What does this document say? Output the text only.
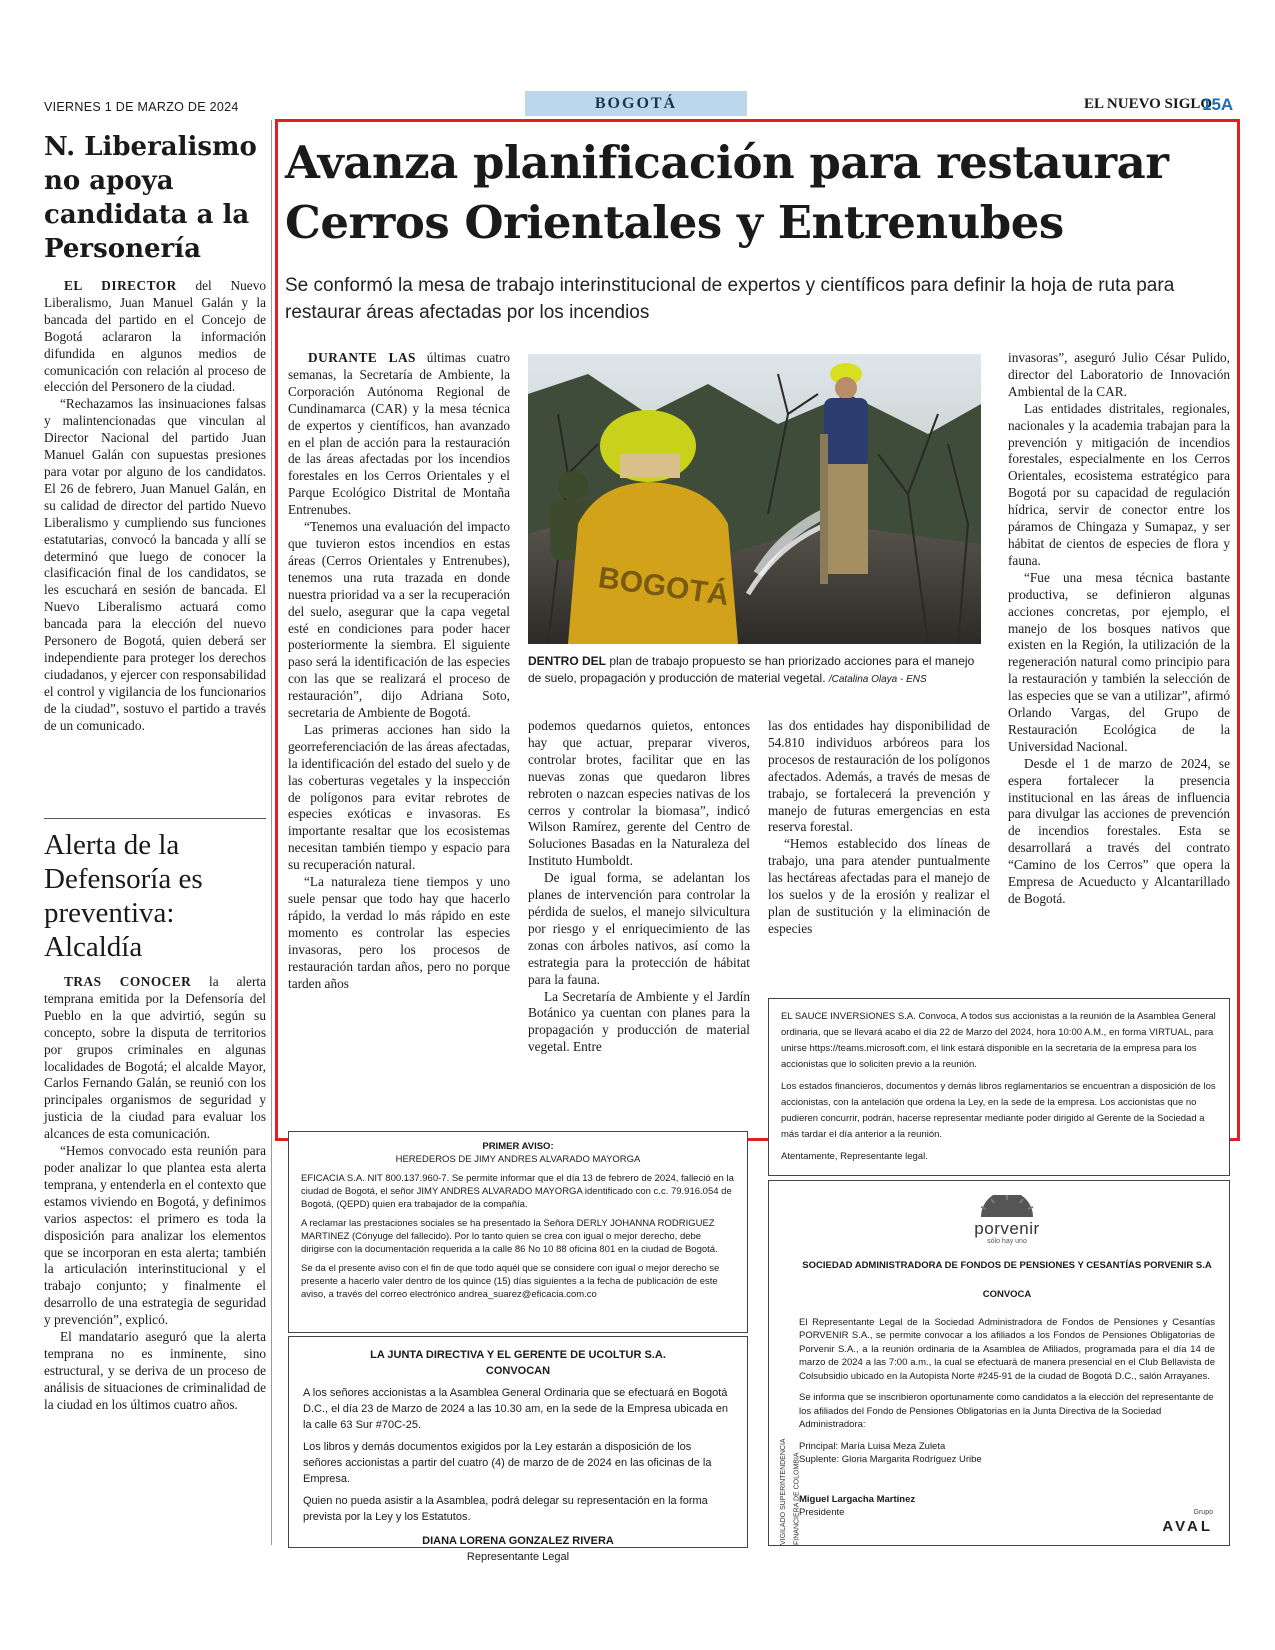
VIERNES 1 DE MARZO DE 2024	BOGOTÁ	EL NUEVO SIGLO
15A
N. Liberalismo no apoya candidata a la Personería

EL DIRECTOR del Nuevo Liberalismo, Juan Manuel Galán y la bancada del partido en el Concejo de Bogotá aclararon la información difundida en algunos medios de comunicación con relación al proceso de elección del Personero de la ciudad.

“Rechazamos las insinuaciones falsas y malintencionadas que vinculan al Director Nacional del partido Juan Manuel Galán con supuestas presiones para votar por alguno de los candidatos. El 26 de febrero, Juan Manuel Galán, en su calidad de director del partido Nuevo Liberalismo y cumpliendo sus funciones estatutarias, convocó la bancada y allí se determinó que luego de conocer la clasificación final de los candidatos, se les escuchará en sesión de bancada. El Nuevo Liberalismo actuará como bancada para la elección del nuevo Personero de Bogotá, quien deberá ser independiente para proteger los derechos ciudadanos, y ejercer con responsabilidad el control y vigilancia de los funcionarios de la ciudad”, sostuvo el partido a través de un comunicado.

Alerta de la Defensoría es preventiva: Alcaldía

TRAS CONOCER la alerta temprana emitida por la Defensoría del Pueblo en la que advirtió, según su concepto, sobre la disputa de territorios por grupos criminales en algunas localidades de Bogotá; el alcalde Mayor, Carlos Fernando Galán, se reunió con los principales organismos de seguridad y justicia de la ciudad para evaluar los alcances de esta comunicación.

“Hemos convocado esta reunión para poder analizar lo que plantea esta alerta temprana, y entenderla en el contexto que estamos viviendo en Bogotá, y definimos varios aspectos: el primero es toda la disposición para analizar los elementos que se incorporan en esta alerta; también la articulación interinstitucional y el trabajo conjunto; y finalmente el desarrollo de una estrategia de seguridad y prevención”, explicó.

El mandatario aseguró que la alerta temprana no es inminente, sino estructural, y se deriva de un proceso de análisis de situaciones de criminalidad de la ciudad en los últimos cuatro años.

Avanza planificación para restaurar Cerros Orientales y Entrenubes
Se conformó la mesa de trabajo interinstitucional de expertos y científicos para definir la hoja de ruta para restaurar áreas afectadas por los incendios

DURANTE LAS últimas cuatro semanas, la Secretaría de Ambiente, la Corporación Autónoma Regional de Cundinamarca (CAR) y la mesa técnica de expertos y científicos, han avanzado en el plan de acción para la restauración de las áreas afectadas por los incendios forestales en los Cerros Orientales y el Parque Ecológico Distrital de Montaña Entrenubes.

“Tenemos una evaluación del impacto que tuvieron estos incendios en estas áreas (Cerros Orientales y Entrenubes), tenemos una ruta trazada en donde nuestra prioridad va a ser la recuperación del suelo, asegurar que la capa vegetal esté en condiciones para poder hacer posteriormente la siembra. El siguiente paso será la identificación de las especies con las que se realizará el proceso de restauración”, dijo Adriana Soto, secretaria de Ambiente de Bogotá.

Las primeras acciones han sido la georreferenciación de las áreas afectadas, la identificación del estado del suelo y de las coberturas vegetales y la inspección de polígonos para evitar rebrotes de especies exóticas e invasoras. Es importante resaltar que los ecosistemas necesitan también tiempo y espacio para su recuperación natural.

“La naturaleza tiene tiempos y uno suele pensar que todo hay que hacerlo rápido, la verdad lo más rápido en este momento es controlar las especies invasoras, pero los procesos de restauración tardan años, pero no porque tarden años

BOGOTÁ
DENTRO DEL plan de trabajo propuesto se han priorizado acciones para el manejo de suelo, propagación y producción de material vegetal. /Catalina Olaya - ENS

podemos quedarnos quietos, entonces hay que actuar, preparar viveros, controlar brotes, facilitar que en las nuevas zonas que quedaron libres rebroten o nazcan especies nativas de los cerros y controlar la biomasa”, indicó Wilson Ramírez, gerente del Centro de Soluciones Basadas en la Naturaleza del Instituto Humboldt.

De igual forma, se adelantan los planes de intervención para controlar la pérdida de suelos, el manejo silvicultura por riesgo y el enriquecimiento de las zonas con árboles nativos, así como la estrategia para la protección de hábitat para la fauna.

La Secretaría de Ambiente y el Jardín Botánico ya cuentan con planes para la propagación y producción de material vegetal. Entre

las dos entidades hay disponibilidad de 54.810 individuos arbóreos para los procesos de restauración de los polígonos afectados. Además, a través de mesas de trabajo, se fortalecerá la prevención y manejo de futuras emergencias en esta reserva forestal.

“Hemos establecido dos líneas de trabajo, una para atender puntualmente las hectáreas afectadas para el manejo de los suelos y de la erosión y realizar el plan de sustitución y la eliminación de especies

invasoras”, aseguró Julio César Pulido, director del Laboratorio de Innovación Ambiental de la CAR.

Las entidades distritales, regionales, nacionales y la academia trabajan para la prevención y mitigación de incendios forestales, especialmente en los Cerros Orientales, ecosistema estratégico para Bogotá por su capacidad de regulación hídrica, servir de conector entre los páramos de Chingaza y Sumapaz, y ser hábitat de cientos de especies de flora y fauna.

“Fue una mesa técnica bastante productiva, se definieron algunas acciones concretas, por ejemplo, el manejo de los bosques nativos que existen en la Región, la utilización de la regeneración natural como principio para la restauración y también la selección de las especies que se van a utilizar”, afirmó Orlando Vargas, del Grupo de Restauración Ecológica de la Universidad Nacional.

Desde el 1 de marzo de 2024, se espera fortalecer la presencia institucional en las áreas de influencia para divulgar las acciones de prevención de incendios forestales. Esta se desarrollará a través del contrato “Camino de los Cerros” que opera la Empresa de Acueducto y Alcantarillado de Bogotá.

EL SAUCE INVERSIONES S.A. Convoca, A todos sus accionistas a la reunión de la Asamblea General ordinaria, que se llevará acabo el día 22 de Marzo del 2024, hora 10:00 A.M., en forma VIRTUAL, para unirse https://teams.microsoft.com, el link estará disponible en la secretaria de la empresa para los accionistas que lo soliciten previo a la reunión.

Los estados financieros, documentos y demás libros reglamentarios se encuentran a disposición de los accionistas, con la antelación que ordena la Ley, en la sede de la empresa. Los accionistas que no pudieren concurrir, podrán, hacerse representar mediante poder dirigido al Gerente de la Sociedad a más tardar el día anterior a la reunión.

Atentamente, Representante legal.

PRIMER AVISO:
HEREDEROS DE JIMY ANDRES ALVARADO MAYORGA

EFICACIA S.A. NIT 800.137.960-7. Se permite informar que el día 13 de febrero de 2024, falleció en la ciudad de Bogotá, el señor JIMY ANDRES ALVARADO MAYORGA identificado con c.c. 79.916.054 de Bogotá, (QEPD) quien era trabajador de la compañía.

A reclamar las prestaciones sociales se ha presentado la Señora DERLY JOHANNA RODRIGUEZ MARTINEZ (Cónyuge del fallecido). Por lo tanto quien se crea con igual o mejor derecho, debe dirigirse con la documentación requerida a la calle 86 No 10 88 oficina 801 en la ciudad de Bogotá.

Se da el presente aviso con el fin de que todo aquél que se considere con igual o mejor derecho se presente a hacerlo valer dentro de los quince (15) días siguientes a la fecha de publicación de este aviso, a través del correo electrónico andrea_suarez@eficacia.com.co

LA JUNTA DIRECTIVA Y EL GERENTE DE UCOLTUR S.A.
CONVOCAN

A los señores accionistas a la Asamblea General Ordinaria que se efectuará en Bogotá D.C., el día 23 de Marzo de 2024 a las 10.30 am, en la sede de la Empresa ubicada en la calle 63 Sur #70C-25.

Los libros y demás documentos exigidos por la Ley estarán a disposición de los señores accionistas a partir del cuatro (4) de marzo de de 2024 en las oficinas de la Empresa.

Quien no pueda asistir a la Asamblea, podrá delegar su representación en la forma prevista por la Ley y los Estatutos.

DIANA LORENA GONZALEZ RIVERA
Representante Legal
VIGILADO SUPERINTENDENCIA FINANCIERA DE COLOMBIA
porvenir
sólo hay uno
SOCIEDAD ADMINISTRADORA DE FONDOS DE PENSIONES Y CESANTÍAS PORVENIR S.A
CONVOCA

El Representante Legal de la Sociedad Administradora de Fondos de Pensiones y Cesantías PORVENIR S.A., se permite convocar a los afiliados a los Fondos de Pensiones Obligatorias de Porvenir S.A., a la reunión ordinaria de la Asamblea de Afiliados, programada para el día 14 de marzo de 2024 a las 7:00 a.m., la cual se efectuará de manera presencial en el Club Bellavista de Colsubsidio ubicado en la Autopista Norte #245-91 de la ciudad de Bogotá D.C., salón Arrayanes.

Se informa que se inscribieron oportunamente como candidatos a la elección del representante de los afiliados del Fondo de Pensiones Obligatorias en la Junta Directiva de la Sociedad Administradora:

Principal: María Luisa Meza Zuleta

Suplente: Gloria Margarita Rodríguez Uribe

Miguel Largacha Martínez

Presidente	Grupo
AVAL
